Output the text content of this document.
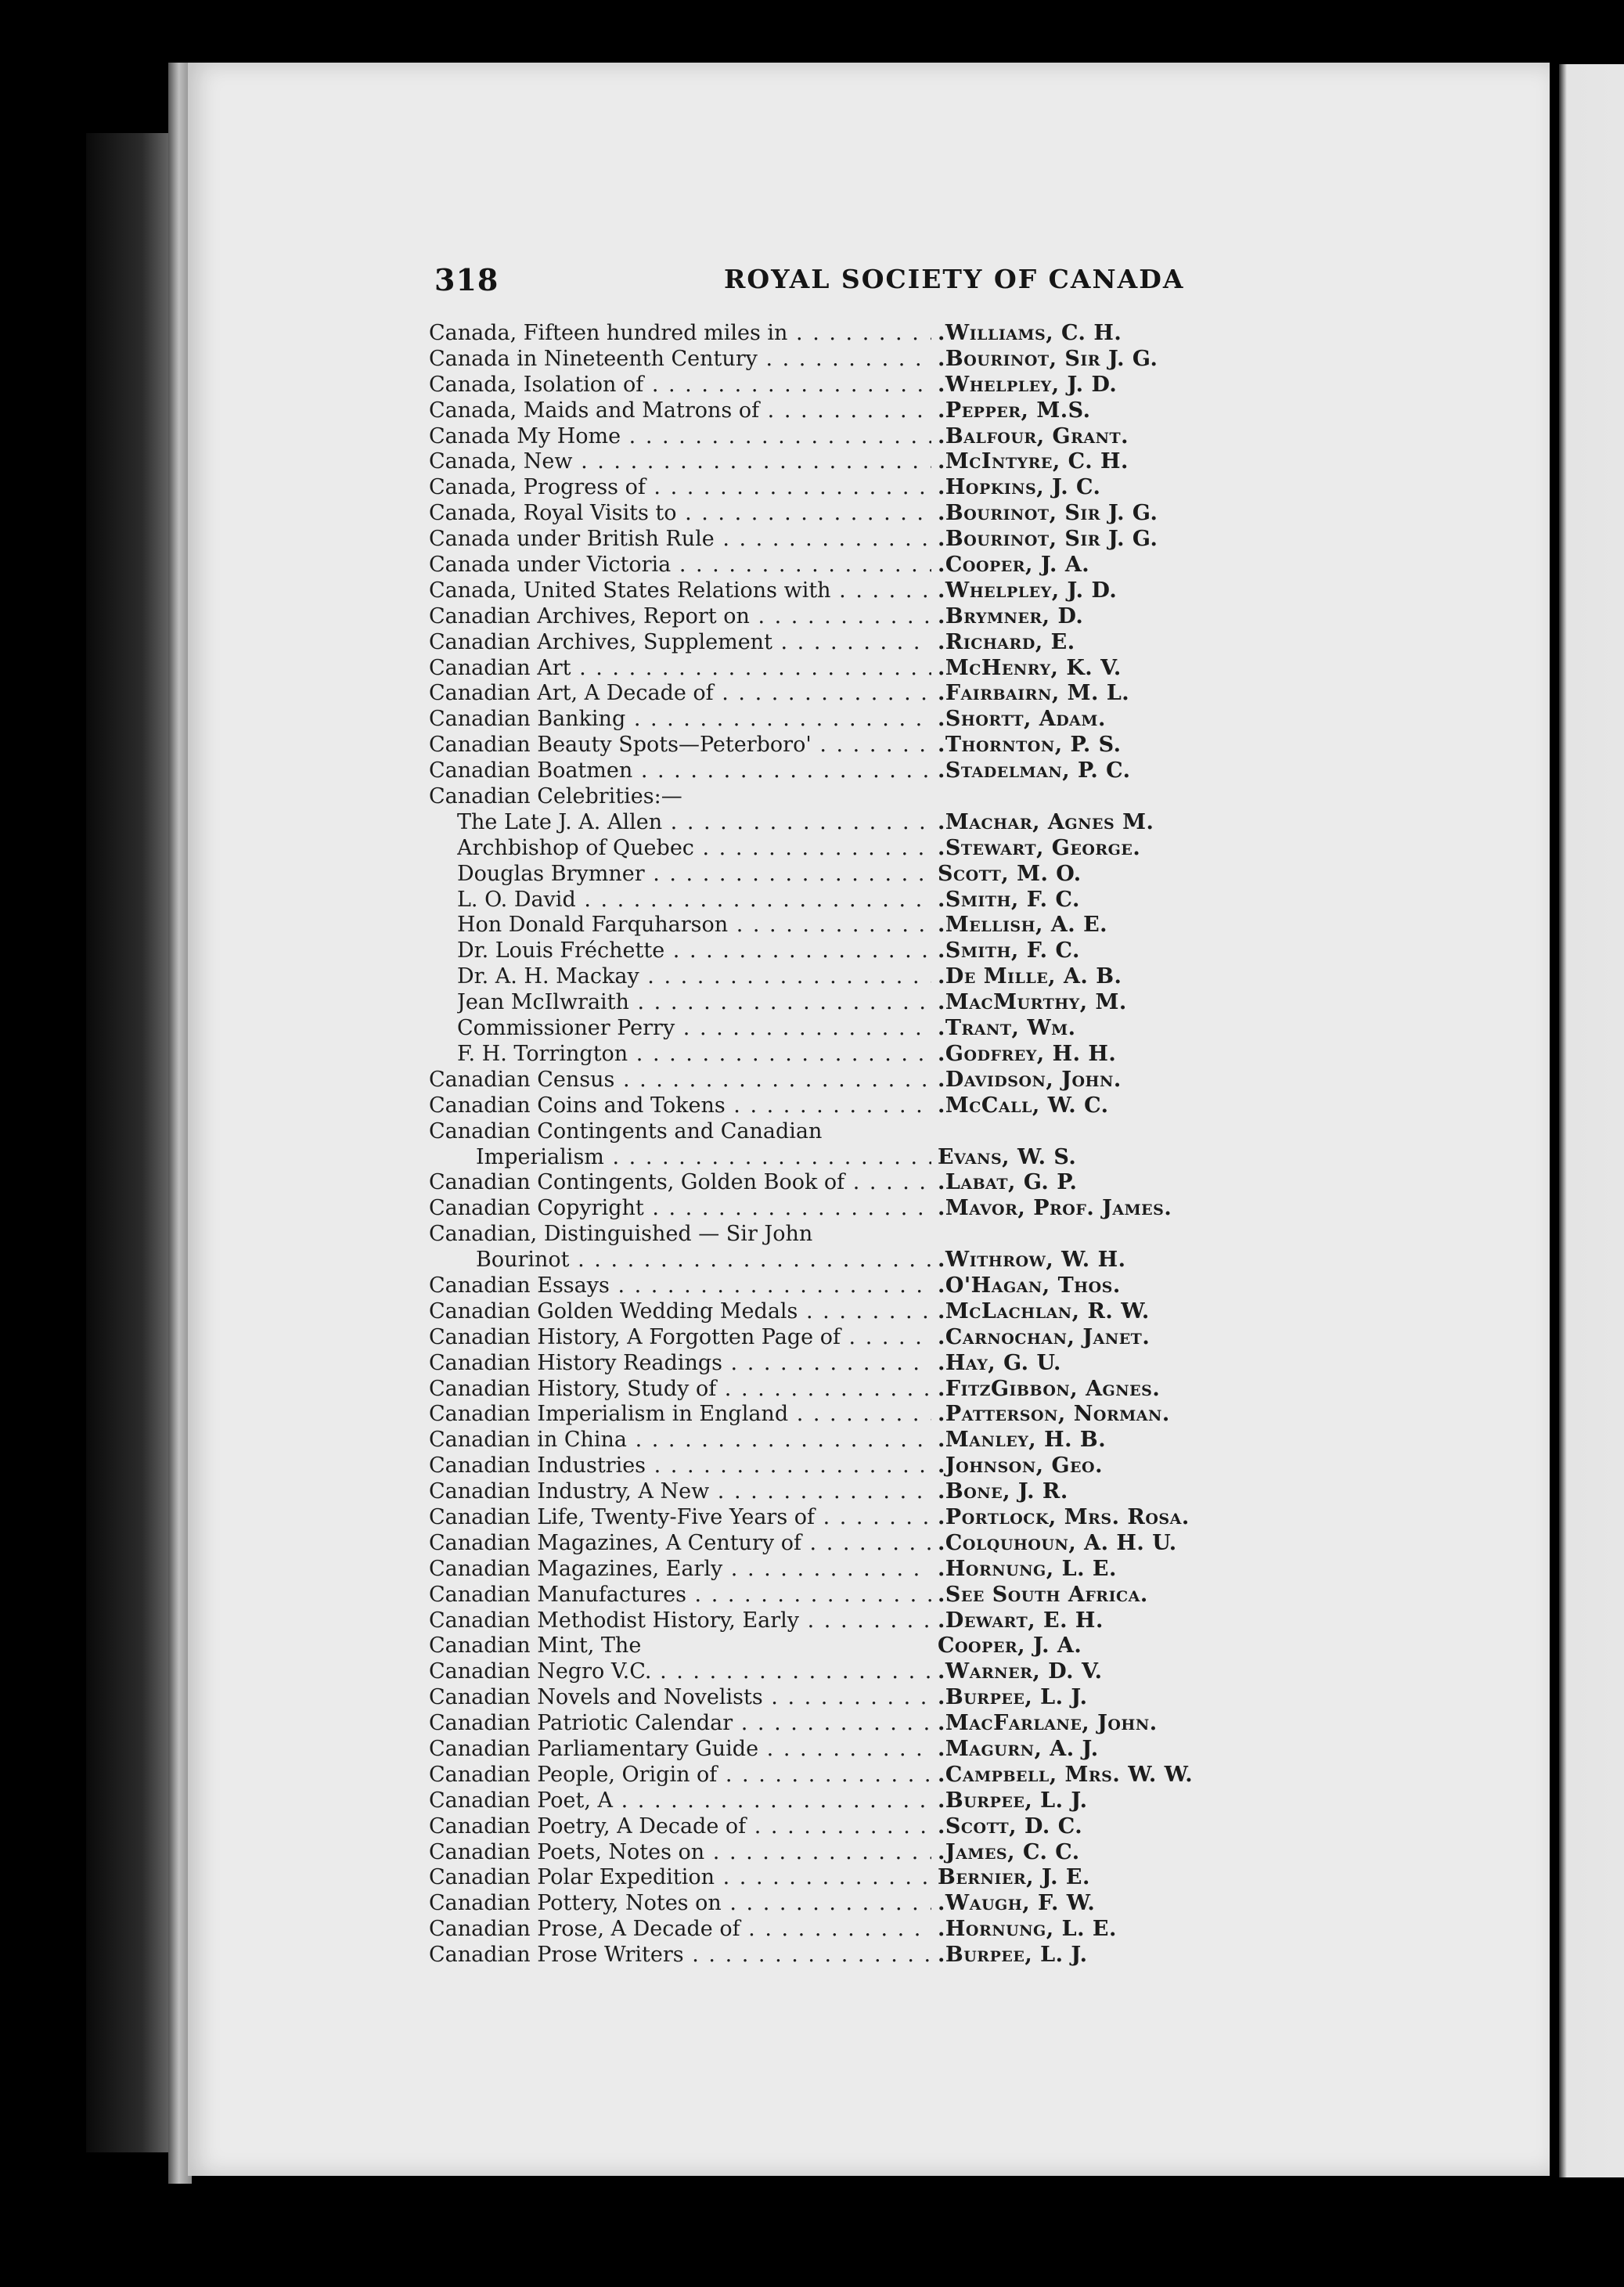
318	ROYAL SOCIETY OF CANADA
Canada, Fifteen hundred miles in . . .	.Williams, C. H.
Canada in Nineteenth Century . . .	.Bourinot, Sir J. G.
Canada, Isolation of . . .	.Whelpley, J. D.
Canada, Maids and Matrons of . . .	.Pepper, M.S.
Canada My Home . . .	.Balfour, Grant.
Canada, New . . .	.McIntyre, C. H.
Canada, Progress of . . .	.Hopkins, J. C.
Canada, Royal Visits to . . .	.Bourinot, Sir J. G.
Canada under British Rule . . .	.Bourinot, Sir J. G.
Canada under Victoria . . .	.Cooper, J. A.
Canada, United States Relations with . . .	.Whelpley, J. D.
Canadian Archives, Report on . . .	.Brymner, D.
Canadian Archives, Supplement . . .	.Richard, E.
Canadian Art . . .	.McHenry, K. V.
Canadian Art, A Decade of . . .	.Fairbairn, M. L.
Canadian Banking . . .	.Shortt, Adam.
Canadian Beauty Spots—Peterboro' . . .	.Thornton, P. S.
Canadian Boatmen . . .	.Stadelman, P. C.
Canadian Celebrities:—
The Late J. A. Allen . . .	.Machar, Agnes M.
Archbishop of Quebec . . .	.Stewart, George.
Douglas Brymner . . .	Scott, M. O.
L. O. David . . .	.Smith, F. C.
Hon Donald Farquharson . . .	.Mellish, A. E.
Dr. Louis Fréchette . . .	.Smith, F. C.
Dr. A. H. Mackay . . .	.De Mille, A. B.
Jean McIlwraith . . .	.MacMurthy, M.
Commissioner Perry . . .	.Trant, Wm.
F. H. Torrington . . .	.Godfrey, H. H.
Canadian Census . . .	.Davidson, John.
Canadian Coins and Tokens . . .	.McCall, W. C.
Canadian Contingents and Canadian
Imperialism . . .	Evans, W. S.
Canadian Contingents, Golden Book of . . .	.Labat, G. P.
Canadian Copyright . . .	.Mavor, Prof. James.
Canadian, Distinguished — Sir John
Bourinot . . .	.Withrow, W. H.
Canadian Essays . . .	.O'Hagan, Thos.
Canadian Golden Wedding Medals . . .	.McLachlan, R. W.
Canadian History, A Forgotten Page of . . .	.Carnochan, Janet.
Canadian History Readings . . .	.Hay, G. U.
Canadian History, Study of . . .	.FitzGibbon, Agnes.
Canadian Imperialism in England . . .	.Patterson, Norman.
Canadian in China . . .	.Manley, H. B.
Canadian Industries . . .	.Johnson, Geo.
Canadian Industry, A New . . .	.Bone, J. R.
Canadian Life, Twenty-Five Years of . . .	.Portlock, Mrs. Rosa.
Canadian Magazines, A Century of . . .	.Colquhoun, A. H. U.
Canadian Magazines, Early . . .	.Hornung, L. E.
Canadian Manufactures . . .	.See South Africa.
Canadian Methodist History, Early . . .	.Dewart, E. H.
Canadian Mint, The	Cooper, J. A.
Canadian Negro V.C. . . .	.Warner, D. V.
Canadian Novels and Novelists . . .	.Burpee, L. J.
Canadian Patriotic Calendar . . .	.MacFarlane, John.
Canadian Parliamentary Guide . . .	.Magurn, A. J.
Canadian People, Origin of . . .	.Campbell, Mrs. W. W.
Canadian Poet, A . . .	.Burpee, L. J.
Canadian Poetry, A Decade of . . .	.Scott, D. C.
Canadian Poets, Notes on . . .	.James, C. C.
Canadian Polar Expedition . . .	Bernier, J. E.
Canadian Pottery, Notes on . . .	.Waugh, F. W.
Canadian Prose, A Decade of . . .	.Hornung, L. E.
Canadian Prose Writers . . .	.Burpee, L. J.
